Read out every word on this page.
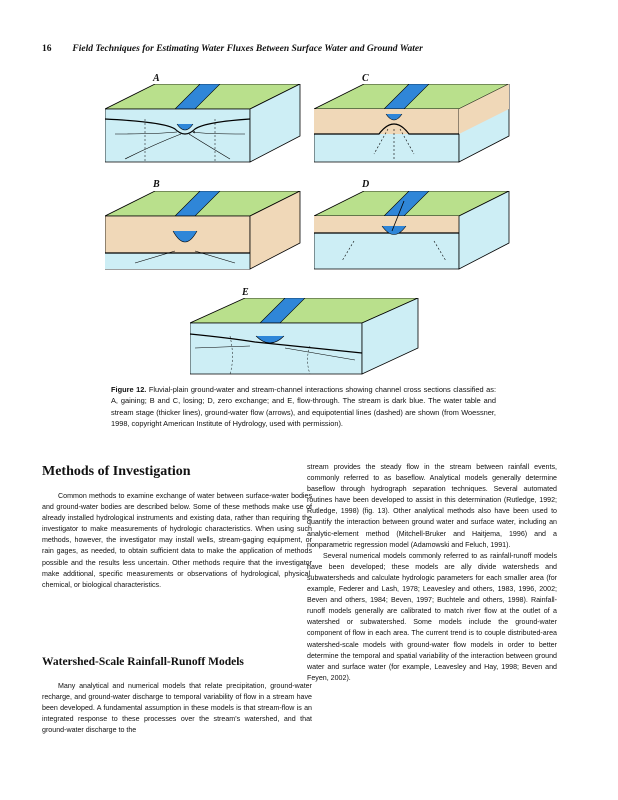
16 Field Techniques for Estimating Water Fluxes Between Surface Water and Ground Water
A	C
B	D
E
Figure 12. Fluvial-plain ground-water and stream-channel interactions showing channel cross sections classified as: A, gaining; B and C, losing; D, zero exchange; and E, flow-through. The stream is dark blue. The water table and stream stage (thicker lines), ground-water flow (arrows), and equipotential lines (dashed) are shown (from Woessner, 1998, copyright American Institute of Hydrology, used with permission).
Methods of Investigation

Common methods to examine exchange of water between surface-water bodies and ground-water bodies are described below. Some of these methods make use of already installed hydrological instruments and existing data, rather than requiring the investigator to make measurements of hydrologic characteristics. When using such methods, however, the investigator may install wells, stream-gaging equipment, or rain gages, as needed, to obtain sufficient data to make the application of methods possible and the results less uncertain. Other methods require that the investigator make additional, specific measurements or observations of hydrological, physical, chemical, or biological characteristics.

Watershed-Scale Rainfall-Runoff Models

Many analytical and numerical models that relate precipitation, ground-water recharge, and ground-water discharge to temporal variability of flow in a stream have been developed. A fundamental assumption in these models is that stream-flow is an integrated response to these processes over the stream's watershed, and that ground-water discharge to the

stream provides the steady flow in the stream between rainfall events, commonly referred to as baseflow. Analytical models generally determine baseflow through hydrograph separation techniques. Several automated routines have been developed to assist in this determination (Rutledge, 1992; Rutledge, 1998) (fig. 13). Other analytical methods also have been used to quantify the interaction between ground water and surface water, including an analytic-element method (Mitchell-Bruker and Haitjema, 1996) and a nonparametric regression model (Adamowski and Feluch, 1991).

Several numerical models commonly referred to as rainfall-runoff models have been developed; these models are ally divide watersheds and subwatersheds and calculate hydrologic parameters for each smaller area (for example, Federer and Lash, 1978; Leavesley and others, 1983, 1996, 2002; Beven and others, 1984; Beven, 1997; Buchtele and others, 1998). Rainfall-runoff models generally are calibrated to match river flow at the outlet of a watershed or subwatershed. Some models include the ground-water component of flow in each area. The current trend is to couple distributed-area watershed-scale models with ground-water flow models in order to better determine the temporal and spatial variability of the interaction between ground water and surface water (for example, Leavesley and Hay, 1998; Beven and Feyen, 2002).
